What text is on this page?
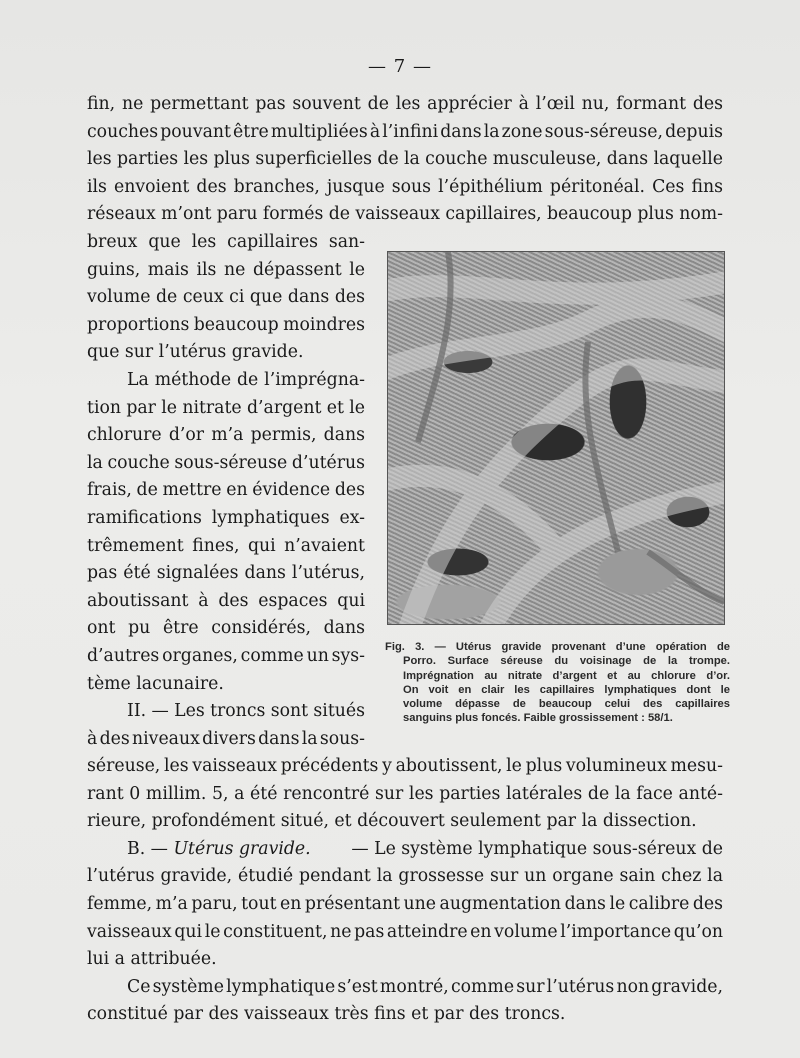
— 7 —
fin, ne permettant pas souvent de les apprécier à l’œil nu, formant des
couches pouvant être multipliées à l’infini dans la zone sous-séreuse, depuis
les parties les plus superficielles de la couche musculeuse, dans laquelle
ils envoient des branches, jusque sous l’épithélium péritonéal. Ces fins
réseaux m’ont paru formés de vaisseaux capillaires, beaucoup plus nom-
breux que les capillaires san-
guins, mais ils ne dépassent le
volume de ceux ci que dans des
proportions beaucoup moindres
que sur l’utérus gravide.
La méthode de l’imprégna-
tion par le nitrate d’argent et le
chlorure d’or m’a permis, dans
la couche sous-séreuse d’utérus
frais, de mettre en évidence des
ramifications lymphatiques ex-
trêmement fines, qui n’avaient
pas été signalées dans l’utérus,
aboutissant à des espaces qui
ont pu être considérés, dans
d’autres organes, comme un sys-
tème lacunaire.
II. — Les troncs sont situés
à des niveaux divers dans la sous-
Fig. 3. — Utérus gravide provenant d’une opération de
Porro. Surface séreuse du voisinage de la trompe.
Imprégnation au nitrate d’argent et au chlorure d’or.
On voit en clair les capillaires lymphatiques dont le
volume dépasse de beaucoup celui des capillaires
sanguins plus foncés. Faible grossissement : 58/1.
séreuse, les vaisseaux précédents y aboutissent, le plus volumineux mesu-
rant 0 millim. 5, a été rencontré sur les parties latérales de la face anté-
rieure, profondément situé, et découvert seulement par la dissection.
B. — Utérus gravide. — Le système lymphatique sous-séreux de
l’utérus gravide, étudié pendant la grossesse sur un organe sain chez la
femme, m’a paru, tout en présentant une augmentation dans le calibre des
vaisseaux qui le constituent, ne pas atteindre en volume l’importance qu’on
lui a attribuée.
Ce système lymphatique s’est montré, comme sur l’utérus non gravide,
constitué par des vaisseaux très fins et par des troncs.
